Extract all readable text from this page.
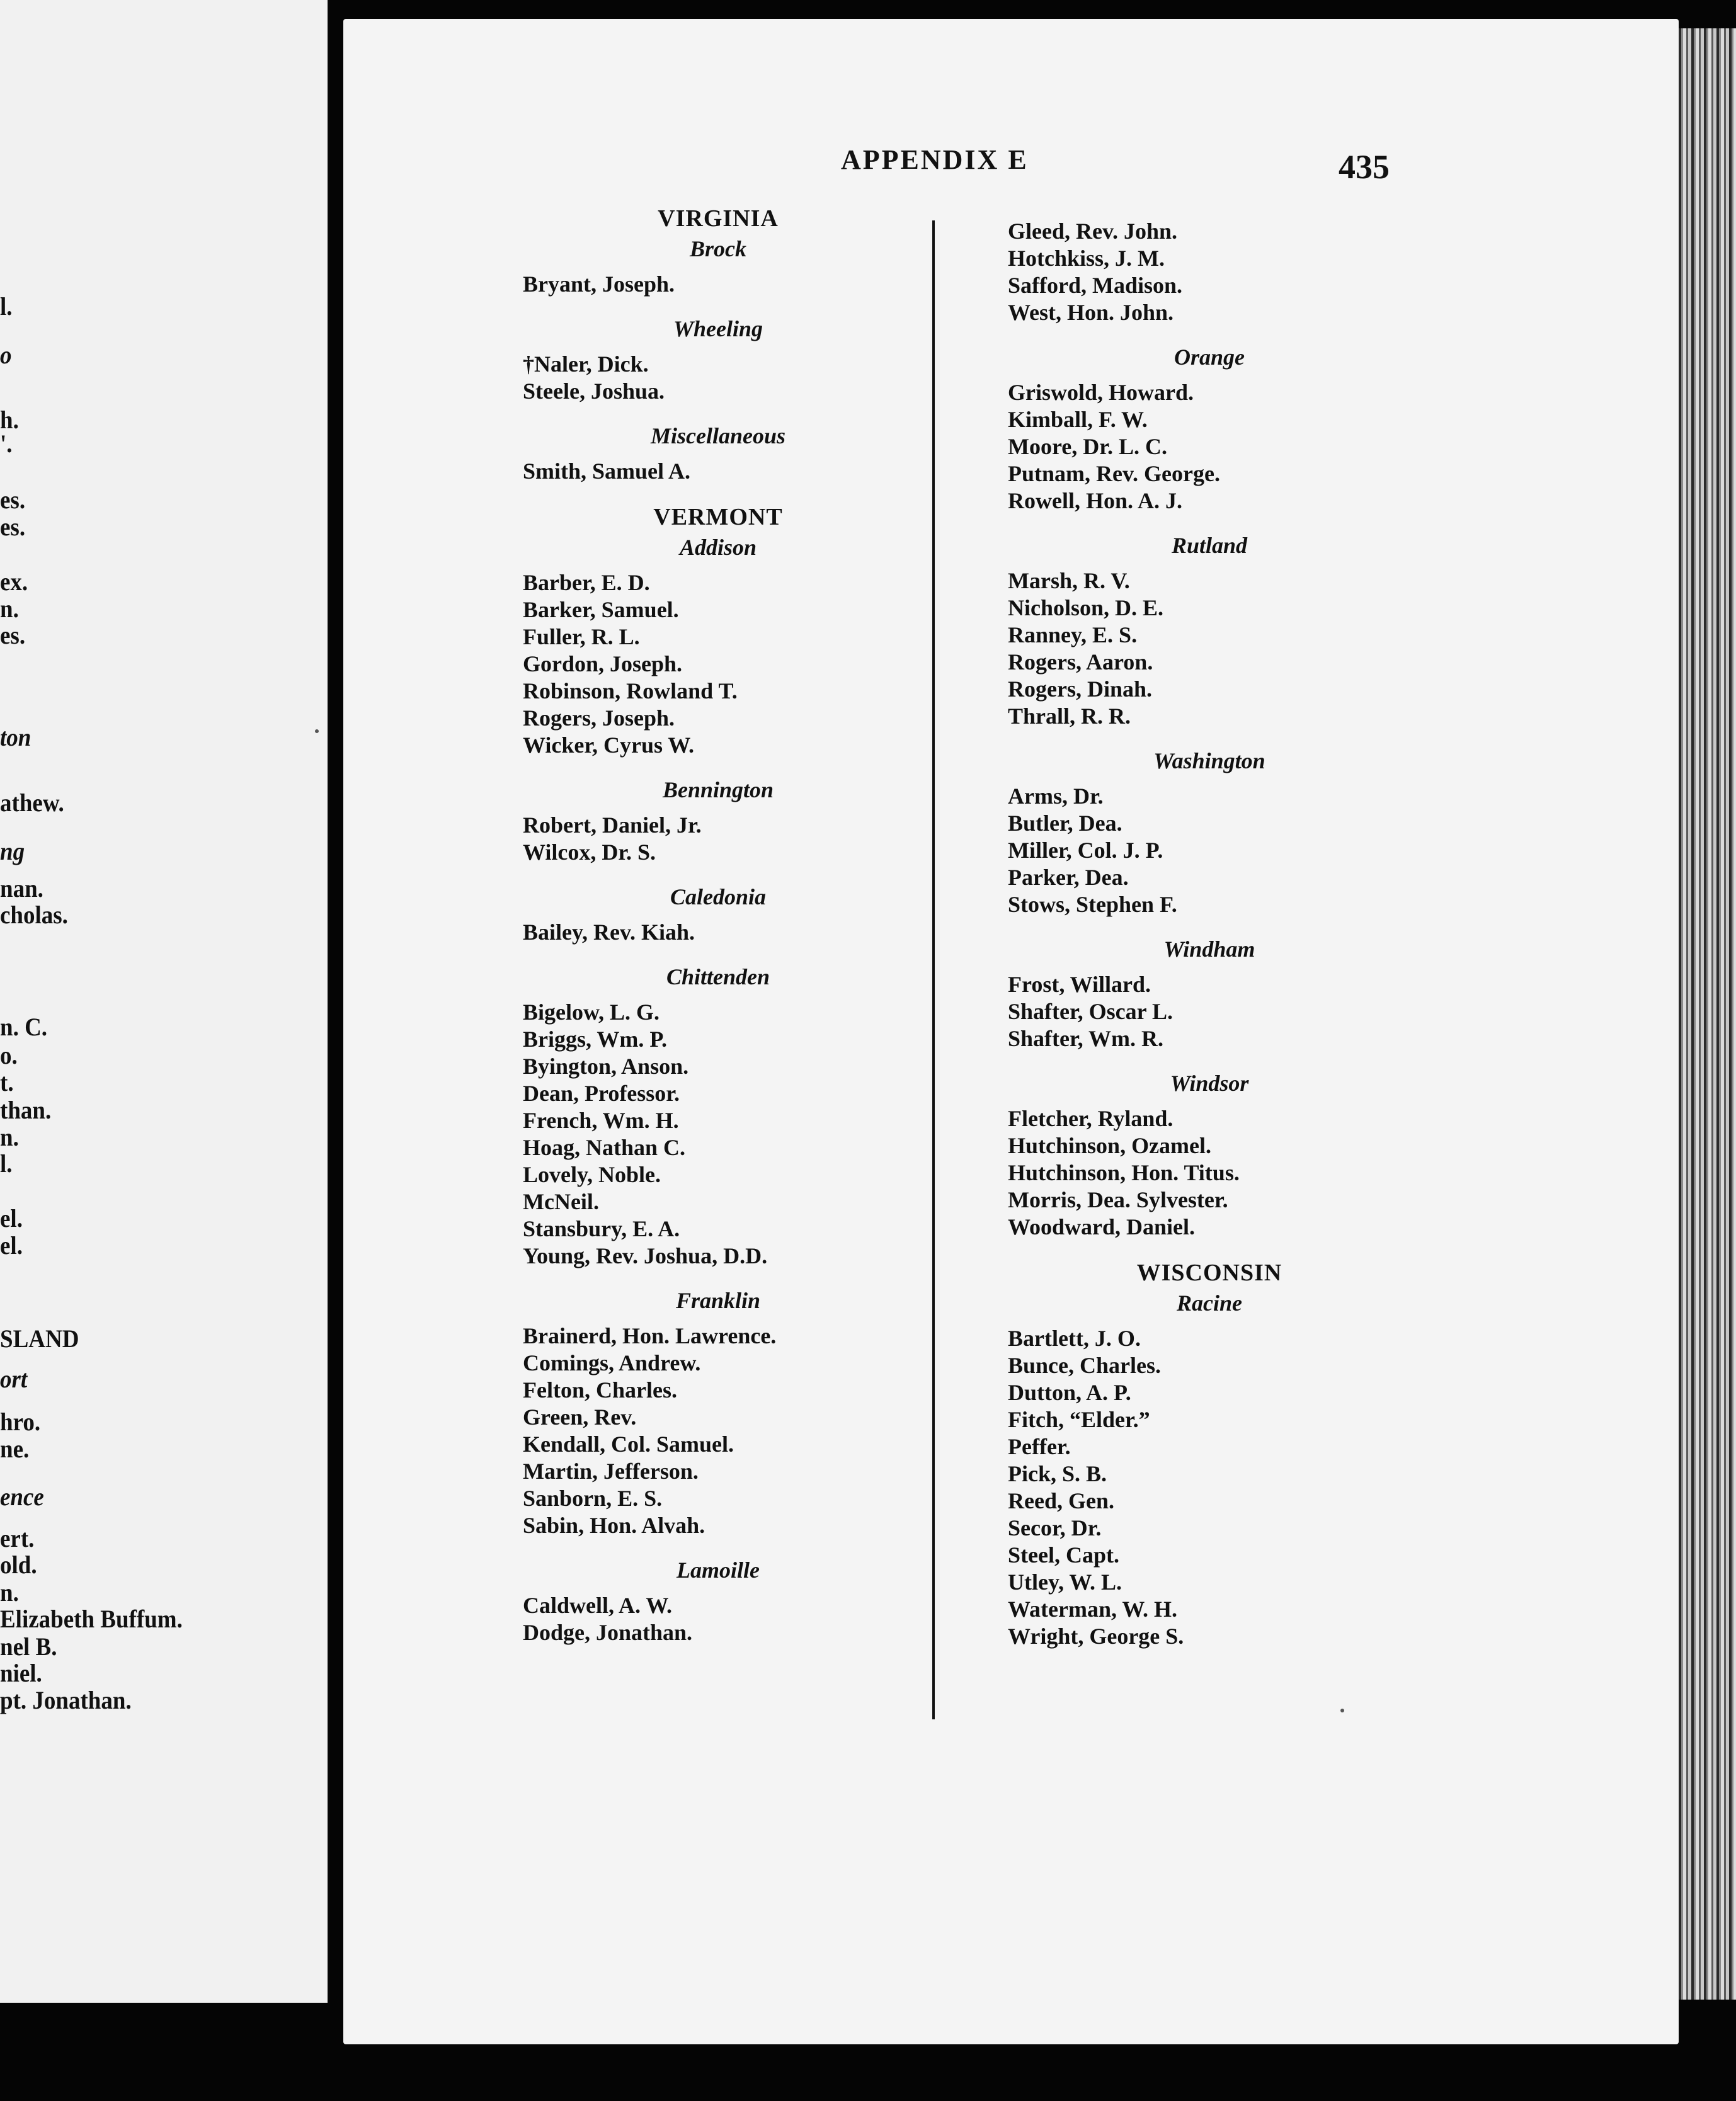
l.
o
h.
'.
es.
es.
ex.
n.
es.
ton
athew.
ng
nan.
cholas.
n. C.
o.
t.
than.
n.
l.
el.
el.
SLAND
ort
hro.
ne.
ence
ert.
old.
n.
Elizabeth Buffum.
nel B.
niel.
pt. Jonathan.
APPENDIX E	435
VIRGINIA
Brock
Bryant, Joseph.
Wheeling
†Naler, Dick.
Steele, Joshua.
Miscellaneous
Smith, Samuel A.
VERMONT
Addison
Barber, E. D.
Barker, Samuel.
Fuller, R. L.
Gordon, Joseph.
Robinson, Rowland T.
Rogers, Joseph.
Wicker, Cyrus W.
Bennington
Robert, Daniel, Jr.
Wilcox, Dr. S.
Caledonia
Bailey, Rev. Kiah.
Chittenden
Bigelow, L. G.
Briggs, Wm. P.
Byington, Anson.
Dean, Professor.
French, Wm. H.
Hoag, Nathan C.
Lovely, Noble.
McNeil.
Stansbury, E. A.
Young, Rev. Joshua, D.D.
Franklin
Brainerd, Hon. Lawrence.
Comings, Andrew.
Felton, Charles.
Green, Rev.
Kendall, Col. Samuel.
Martin, Jefferson.
Sanborn, E. S.
Sabin, Hon. Alvah.
Lamoille
Caldwell, A. W.
Dodge, Jonathan.
Gleed, Rev. John.
Hotchkiss, J. M.
Safford, Madison.
West, Hon. John.
Orange
Griswold, Howard.
Kimball, F. W.
Moore, Dr. L. C.
Putnam, Rev. George.
Rowell, Hon. A. J.
Rutland
Marsh, R. V.
Nicholson, D. E.
Ranney, E. S.
Rogers, Aaron.
Rogers, Dinah.
Thrall, R. R.
Washington
Arms, Dr.
Butler, Dea.
Miller, Col. J. P.
Parker, Dea.
Stows, Stephen F.
Windham
Frost, Willard.
Shafter, Oscar L.
Shafter, Wm. R.
Windsor
Fletcher, Ryland.
Hutchinson, Ozamel.
Hutchinson, Hon. Titus.
Morris, Dea. Sylvester.
Woodward, Daniel.
WISCONSIN
Racine
Bartlett, J. O.
Bunce, Charles.
Dutton, A. P.
Fitch, “Elder.”
Peffer.
Pick, S. B.
Reed, Gen.
Secor, Dr.
Steel, Capt.
Utley, W. L.
Waterman, W. H.
Wright, George S.
